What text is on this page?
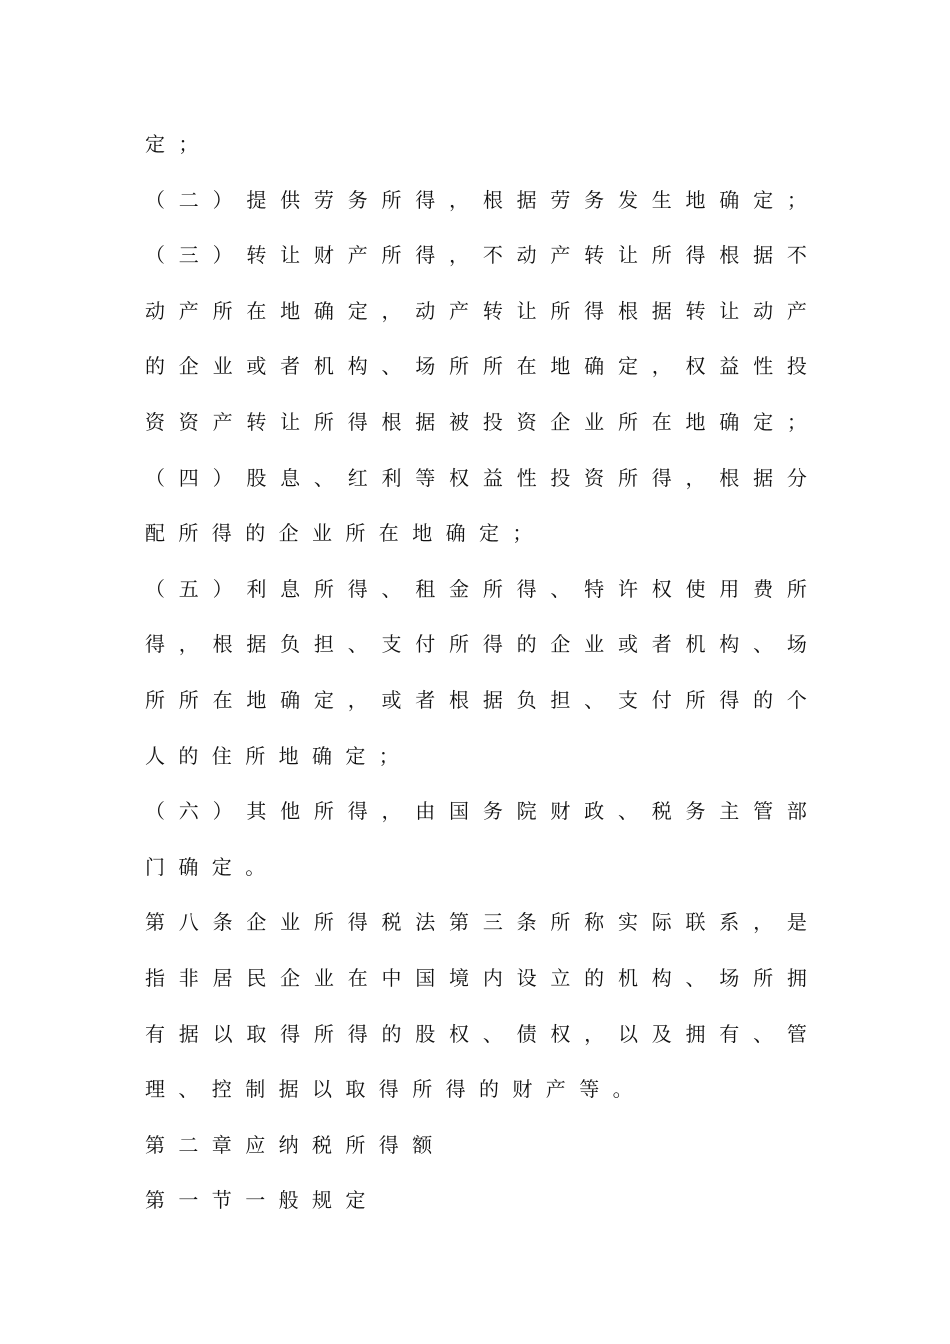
定；
（ 二 ） 提 供 劳 务 所 得 ， 根 据 劳 务 发 生 地 确 定 ；
（ 三 ） 转 让 财 产 所 得 ， 不 动 产 转 让 所 得 根 据 不
动 产 所 在 地 确 定 ， 动 产 转 让 所 得 根 据 转 让 动 产
的 企 业 或 者 机 构 、 场 所 所 在 地 确 定 ， 权 益 性 投
资 资 产 转 让 所 得 根 据 被 投 资 企 业 所 在 地 确 定 ；
（ 四 ） 股 息 、 红 利 等 权 益 性 投 资 所 得 ， 根 据 分
配所得的企业所在地确定；
（ 五 ） 利 息 所 得 、 租 金 所 得 、 特 许 权 使 用 费 所
得 ， 根 据 负 担 、 支 付 所 得 的 企 业 或 者 机 构 、 场
所 所 在 地 确 定 ， 或 者 根 据 负 担 、 支 付 所 得 的 个
人的住所地确定；
（ 六 ） 其 他 所 得 ， 由 国 务 院 财 政 、 税 务 主 管 部
门确定。
第 八 条 企 业 所 得 税 法 第 三 条 所 称 实 际 联 系 ， 是
指 非 居 民 企 业 在 中 国 境 内 设 立 的 机 构 、 场 所 拥
有 据 以 取 得 所 得 的 股 权 、 债 权 ， 以 及 拥 有 、 管
理、控制据以取得所得的财产等。
第二章应纳税所得额
第一节一般规定
